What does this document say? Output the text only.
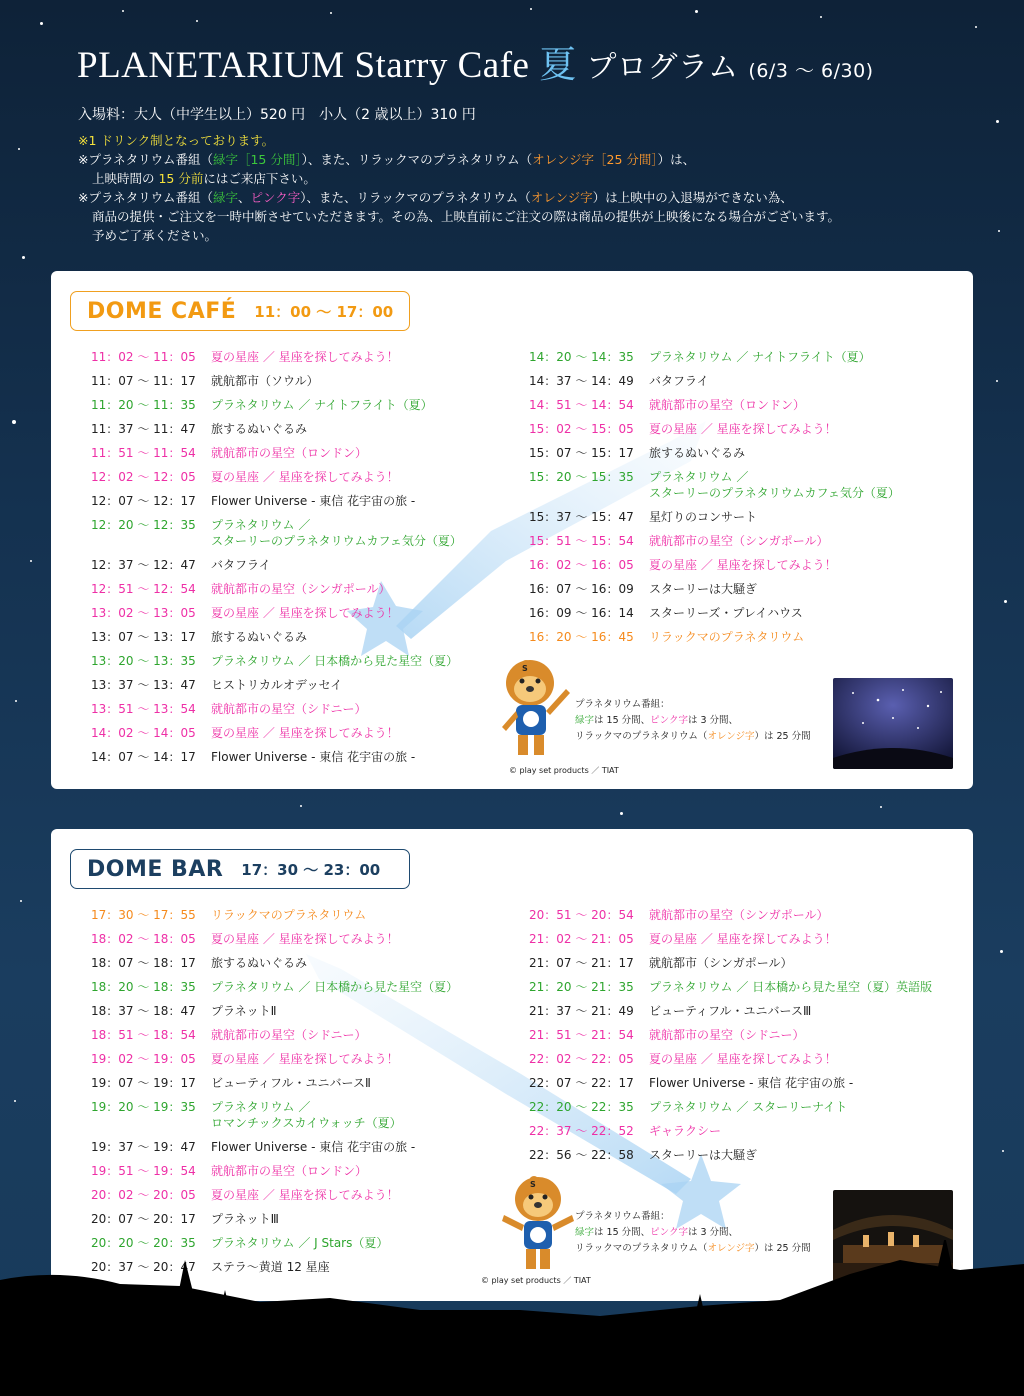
PLANETARIUM Starry Cafe 夏 プログラム (6/3 ～ 6/30)
入場料：大人（中学生以上）520 円　小人（2 歳以上）310 円
※1 ドリンク制となっております。
※プラネタリウム番組（緑字［15 分間］）、また、リラックマのプラネタリウム（オレンジ字［25 分間］）は、
上映時間の 15 分前にはご来店下さい。
※プラネタリウム番組（緑字、ピンク字）、また、リラックマのプラネタリウム（オレンジ字）は上映中の入退場ができない為、
商品の提供・ご注文を一時中断させていただきます。その為、上映直前にご注文の際は商品の提供が上映後になる場合がございます。
予めご了承ください。
DOME CAFÉ 11：00 ～ 17：00
11：02 ～ 11：05 夏の星座 ／ 星座を探してみよう！
11：07 ～ 11：17 就航都市（ソウル）
11：20 ～ 11：35 プラネタリウム ／ ナイトフライト（夏）
11：37 ～ 11：47 旅するぬいぐるみ
11：51 ～ 11：54 就航都市の星空（ロンドン）
12：02 ～ 12：05 夏の星座 ／ 星座を探してみよう！
12：07 ～ 12：17 Flower Universe - 東信 花宇宙の旅 -
12：20 ～ 12：35 プラネタリウム ／
スターリーのプラネタリウムカフェ気分（夏）
12：37 ～ 12：47 バタフライ
12：51 ～ 12：54 就航都市の星空（シンガポール）
13：02 ～ 13：05 夏の星座 ／ 星座を探してみよう！
13：07 ～ 13：17 旅するぬいぐるみ
13：20 ～ 13：35 プラネタリウム ／ 日本橋から見た星空（夏）
13：37 ～ 13：47 ヒストリカルオデッセイ
13：51 ～ 13：54 就航都市の星空（シドニー）
14：02 ～ 14：05 夏の星座 ／ 星座を探してみよう！
14：07 ～ 14：17 Flower Universe - 東信 花宇宙の旅 -
14：20 ～ 14：35 プラネタリウム ／ ナイトフライト（夏）
14：37 ～ 14：49 バタフライ
14：51 ～ 14：54 就航都市の星空（ロンドン）
15：02 ～ 15：05 夏の星座 ／ 星座を探してみよう！
15：07 ～ 15：17 旅するぬいぐるみ
15：20 ～ 15：35 プラネタリウム ／
スターリーのプラネタリウムカフェ気分（夏）
15：37 ～ 15：47 星灯りのコンサート
15：51 ～ 15：54 就航都市の星空（シンガポール）
16：02 ～ 16：05 夏の星座 ／ 星座を探してみよう！
16：07 ～ 16：09 スターリーは大騒ぎ
16：09 ～ 16：14 スターリーズ・プレイハウス
16：20 ～ 16：45 リラックマのプラネタリウム
S
© play set products ／ TIAT
プラネタリウム番組：
緑字は 15 分間、ピンク字は 3 分間、
リラックマのプラネタリウム（オレンジ字）は 25 分間
DOME BAR 17：30 ～ 23：00
17：30 ～ 17：55 リラックマのプラネタリウム
18：02 ～ 18：05 夏の星座 ／ 星座を探してみよう！
18：07 ～ 18：17 旅するぬいぐるみ
18：20 ～ 18：35 プラネタリウム ／ 日本橋から見た星空（夏）
18：37 ～ 18：47 プラネットⅡ
18：51 ～ 18：54 就航都市の星空（シドニー）
19：02 ～ 19：05 夏の星座 ／ 星座を探してみよう！
19：07 ～ 19：17 ビューティフル・ユニバースⅡ
19：20 ～ 19：35 プラネタリウム ／
ロマンチックスカイウォッチ（夏）
19：37 ～ 19：47 Flower Universe - 東信 花宇宙の旅 -
19：51 ～ 19：54 就航都市の星空（ロンドン）
20：02 ～ 20：05 夏の星座 ／ 星座を探してみよう！
20：07 ～ 20：17 プラネットⅢ
20：20 ～ 20：35 プラネタリウム ／ J Stars（夏）
20：37 ～ 20：47 ステラ～黄道 12 星座
20：51 ～ 20：54 就航都市の星空（シンガポール）
21：02 ～ 21：05 夏の星座 ／ 星座を探してみよう！
21：07 ～ 21：17 就航都市（シンガポール）
21：20 ～ 21：35 プラネタリウム ／ 日本橋から見た星空（夏）英語版
21：37 ～ 21：49 ビューティフル・ユニバースⅢ
21：51 ～ 21：54 就航都市の星空（シドニー）
22：02 ～ 22：05 夏の星座 ／ 星座を探してみよう！
22：07 ～ 22：17 Flower Universe - 東信 花宇宙の旅 -
22：20 ～ 22：35 プラネタリウム ／ スターリーナイト
22：37 ～ 22：52 ギャラクシー
22：56 ～ 22：58 スターリーは大騒ぎ
S
© play set products ／ TIAT
プラネタリウム番組：
緑字は 15 分間、ピンク字は 3 分間、
リラックマのプラネタリウム（オレンジ字）は 25 分間
